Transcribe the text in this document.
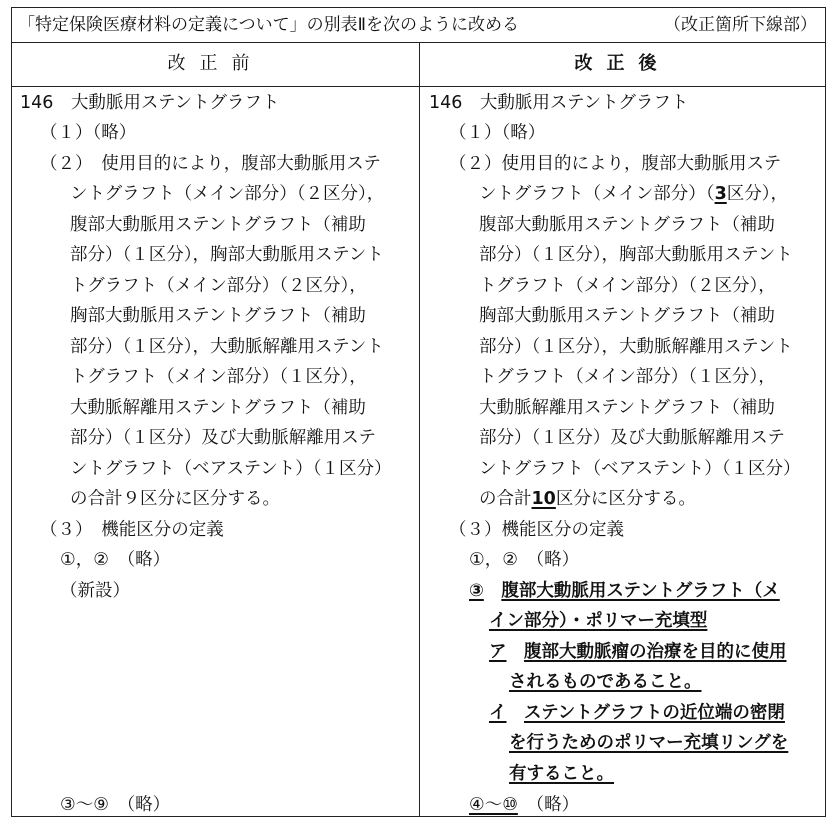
「特定保険医療材料の定義について」の別表Ⅱを次のように改める	（改正箇所下線部）
改正前	改正後
146　大動脈用ステントグラフト
（１）（略）
（２）　使用目的により，腹部大動脈用ステ
ントグラフト（メイン部分）（２区分），
腹部大動脈用ステントグラフト（補助
部分）（１区分），胸部大動脈用ステント
トグラフト（メイン部分）（２区分），
胸部大動脈用ステントグラフト（補助
部分）（１区分），大動脈解離用ステント
トグラフト（メイン部分）（１区分），
大動脈解離用ステントグラフト（補助
部分）（１区分）及び大動脈解離用ステ
ントグラフト（ベアステント）（１区分）
の合計９区分に区分する。
（３）　機能区分の定義
①，②　（略）
（新設）
③～⑨　（略）
146　大動脈用ステントグラフト
（１）（略）
（２）使用目的により，腹部大動脈用ステ
ントグラフト（メイン部分）（3区分），
腹部大動脈用ステントグラフト（補助
部分）（１区分），胸部大動脈用ステント
トグラフト（メイン部分）（２区分），
胸部大動脈用ステントグラフト（補助
部分）（１区分），大動脈解離用ステント
トグラフト（メイン部分）（１区分），
大動脈解離用ステントグラフト（補助
部分）（１区分）及び大動脈解離用ステ
ントグラフト（ベアステント）（１区分）
の合計10区分に区分する。
（３）機能区分の定義
①，②　（略）
③　 腹部大動脈用ステントグラフト（メ
イン部分）・ポリマー充填型
ア　 腹部大動脈瘤の治療を目的に使用
されるものであること。
イ　 ステントグラフトの近位端の密閉
を行うためのポリマー充填リングを
有すること。
④～⑩　（略）
